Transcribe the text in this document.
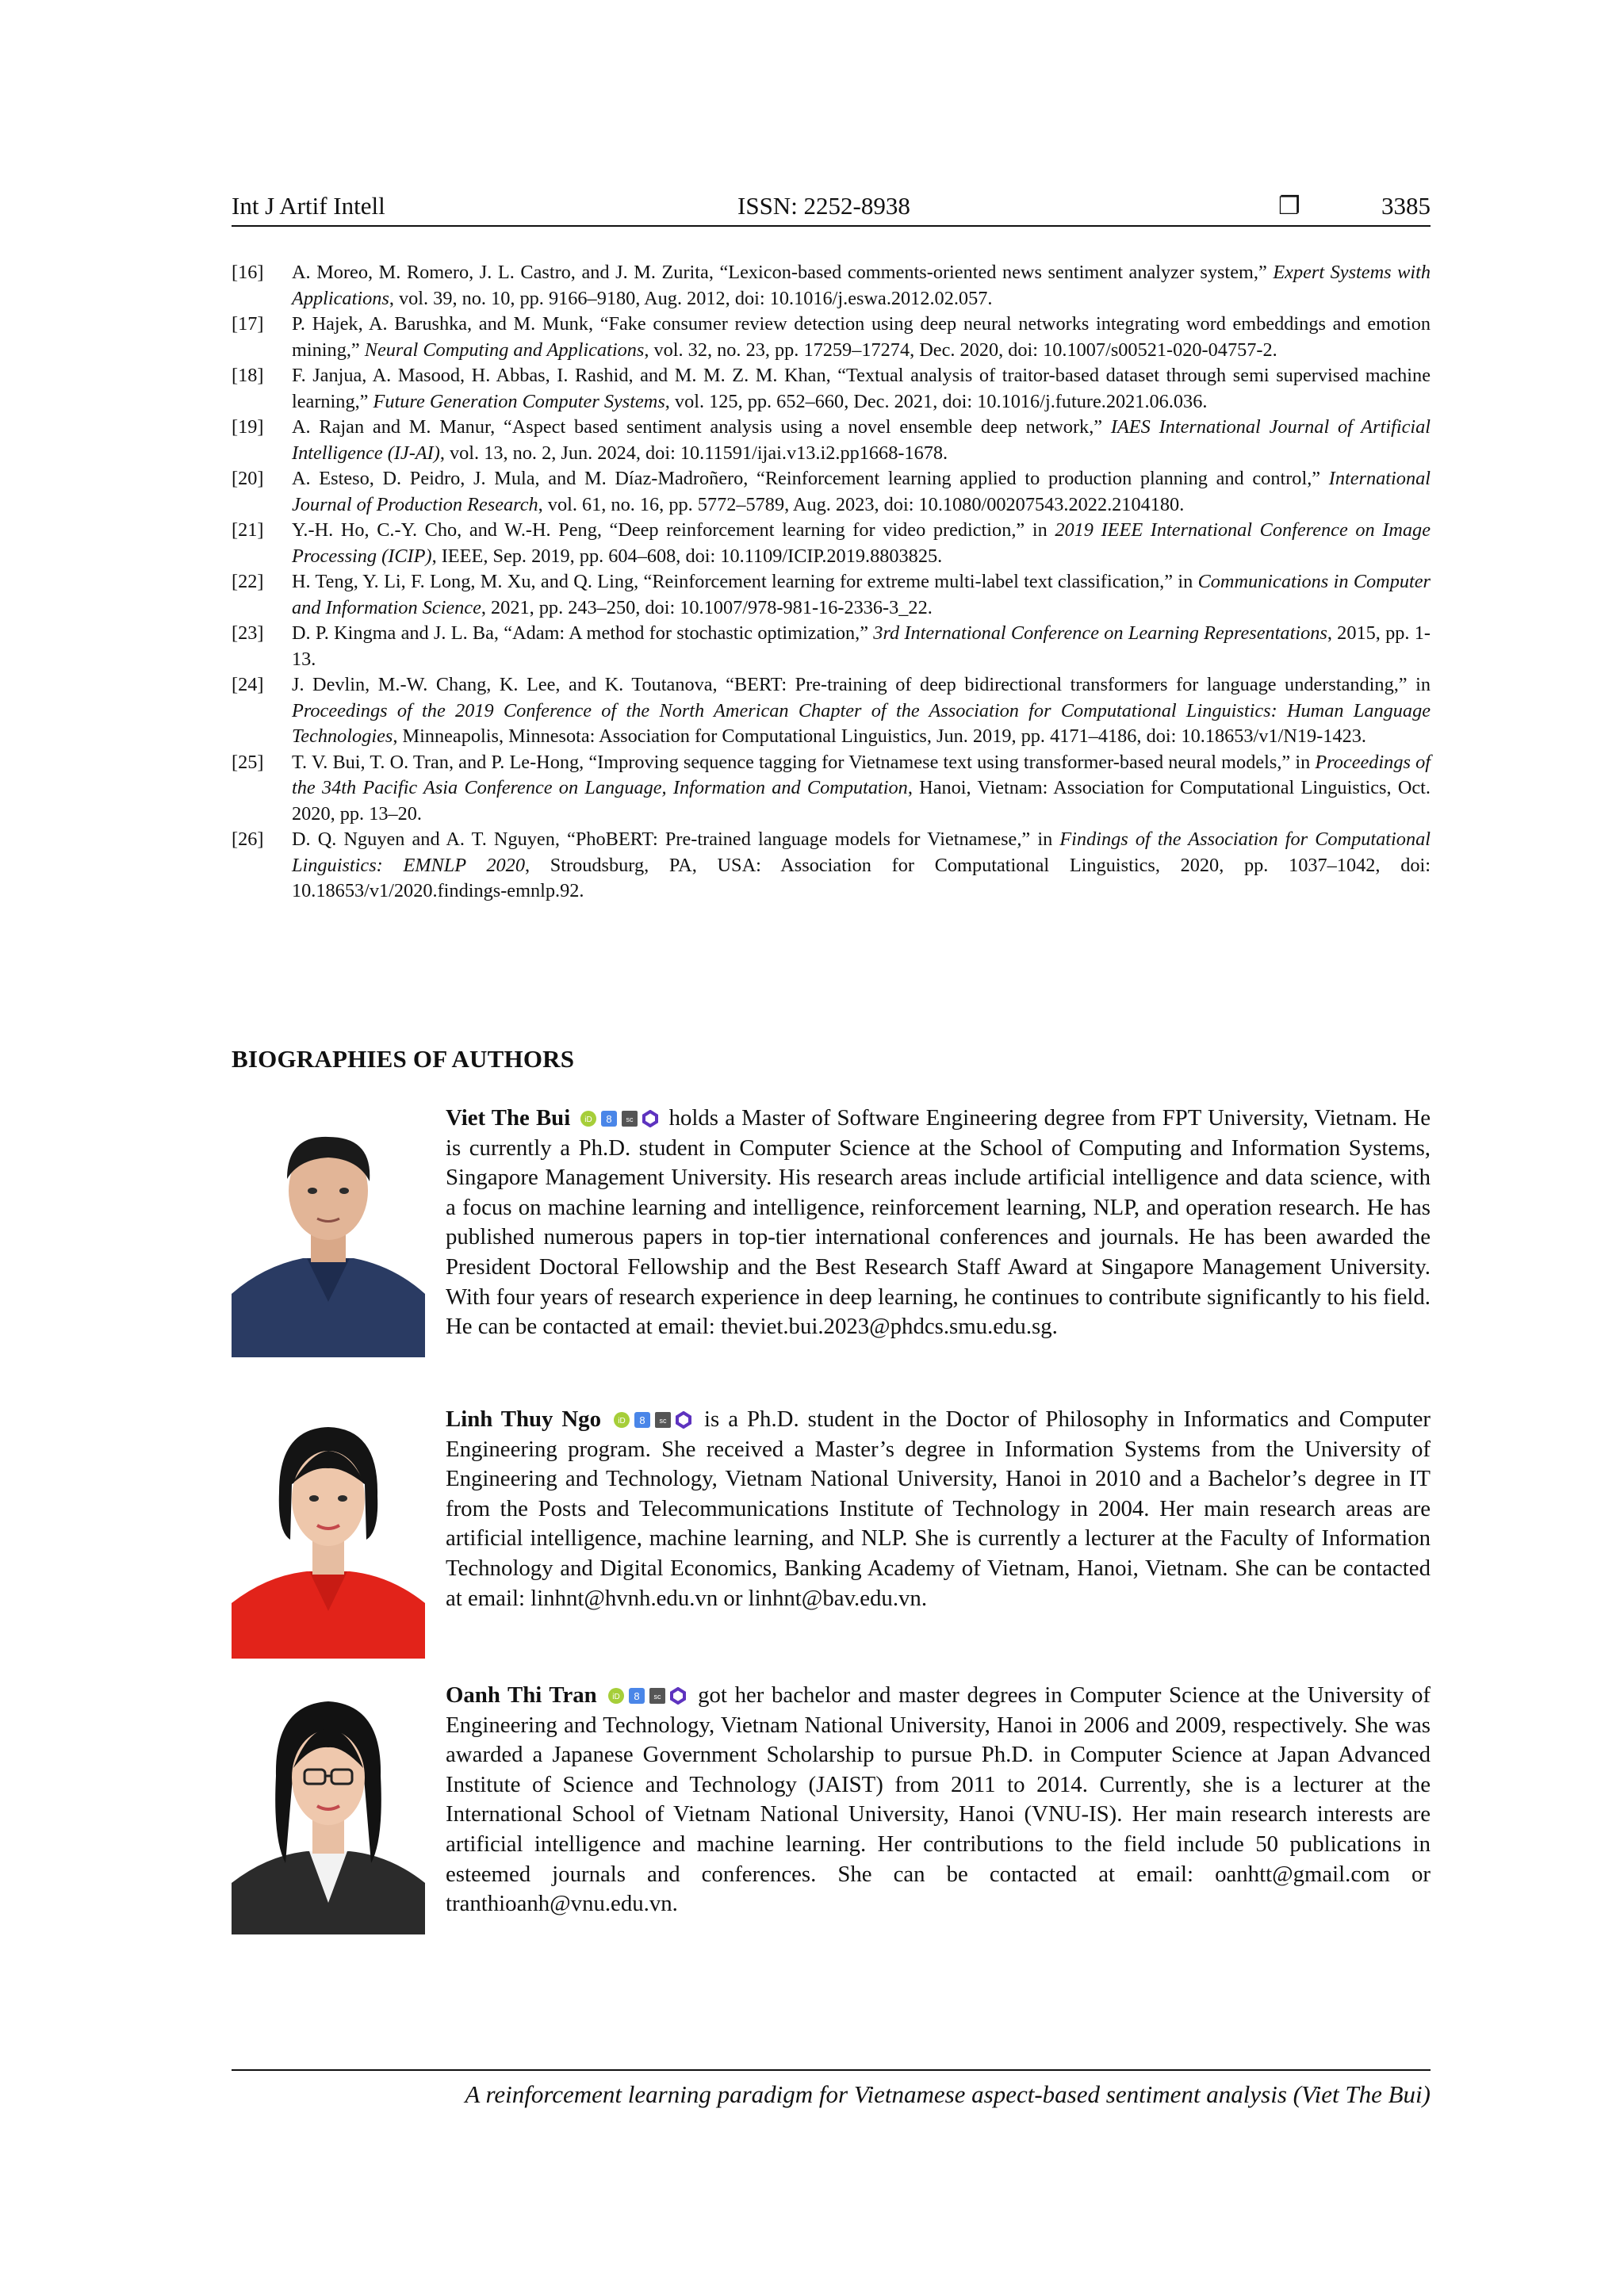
Int J Artif Intell	ISSN: 2252-8938	❐	3385
[16]	A. Moreo, M. Romero, J. L. Castro, and J. M. Zurita, “Lexicon-based comments-oriented news sentiment analyzer system,” Expert Systems with Applications, vol. 39, no. 10, pp. 9166–9180, Aug. 2012, doi: 10.1016/j.eswa.2012.02.057.
[17]	P. Hajek, A. Barushka, and M. Munk, “Fake consumer review detection using deep neural networks integrating word embeddings and emotion mining,” Neural Computing and Applications, vol. 32, no. 23, pp. 17259–17274, Dec. 2020, doi: 10.1007/s00521-020-04757-2.
[18]	F. Janjua, A. Masood, H. Abbas, I. Rashid, and M. M. Z. M. Khan, “Textual analysis of traitor-based dataset through semi supervised machine learning,” Future Generation Computer Systems, vol. 125, pp. 652–660, Dec. 2021, doi: 10.1016/j.future.2021.06.036.
[19]	A. Rajan and M. Manur, “Aspect based sentiment analysis using a novel ensemble deep network,” IAES International Journal of Artificial Intelligence (IJ-AI), vol. 13, no. 2, Jun. 2024, doi: 10.11591/ijai.v13.i2.pp1668-1678.
[20]	A. Esteso, D. Peidro, J. Mula, and M. Díaz-Madroñero, “Reinforcement learning applied to production planning and control,” International Journal of Production Research, vol. 61, no. 16, pp. 5772–5789, Aug. 2023, doi: 10.1080/00207543.2022.2104180.
[21]	Y.-H. Ho, C.-Y. Cho, and W.-H. Peng, “Deep reinforcement learning for video prediction,” in 2019 IEEE International Conference on Image Processing (ICIP), IEEE, Sep. 2019, pp. 604–608, doi: 10.1109/ICIP.2019.8803825.
[22]	H. Teng, Y. Li, F. Long, M. Xu, and Q. Ling, “Reinforcement learning for extreme multi-label text classification,” in Communications in Computer and Information Science, 2021, pp. 243–250, doi: 10.1007/978-981-16-2336-3_22.
[23]	D. P. Kingma and J. L. Ba, “Adam: A method for stochastic optimization,” 3rd International Conference on Learning Representations, 2015, pp. 1-13.
[24]	J. Devlin, M.-W. Chang, K. Lee, and K. Toutanova, “BERT: Pre-training of deep bidirectional transformers for language understanding,” in Proceedings of the 2019 Conference of the North American Chapter of the Association for Computational Linguistics: Human Language Technologies, Minneapolis, Minnesota: Association for Computational Linguistics, Jun. 2019, pp. 4171–4186, doi: 10.18653/v1/N19-1423.
[25]	T. V. Bui, T. O. Tran, and P. Le-Hong, “Improving sequence tagging for Vietnamese text using transformer-based neural models,” in Proceedings of the 34th Pacific Asia Conference on Language, Information and Computation, Hanoi, Vietnam: Association for Computational Linguistics, Oct. 2020, pp. 13–20.
[26]	D. Q. Nguyen and A. T. Nguyen, “PhoBERT: Pre-trained language models for Vietnamese,” in Findings of the Association for Computational Linguistics: EMNLP 2020, Stroudsburg, PA, USA: Association for Computational Linguistics, 2020, pp. 1037–1042, doi: 10.18653/v1/2020.findings-emnlp.92.
BIOGRAPHIES OF AUTHORS
Viet The Bui iD 8 sc holds a Master of Software Engineering degree from FPT University, Vietnam. He is currently a Ph.D. student in Computer Science at the School of Computing and Information Systems, Singapore Management University. His research areas include artificial intelligence and data science, with a focus on machine learning and intelligence, reinforcement learning, NLP, and operation research. He has published numerous papers in top-tier international conferences and journals. He has been awarded the President Doctoral Fellowship and the Best Research Staff Award at Singapore Management University. With four years of research experience in deep learning, he continues to contribute significantly to his field. He can be contacted at email: theviet.bui.2023@phdcs.smu.edu.sg.
Linh Thuy Ngo iD 8 sc is a Ph.D. student in the Doctor of Philosophy in Informatics and Computer Engineering program. She received a Master’s degree in Information Systems from the University of Engineering and Technology, Vietnam National University, Hanoi in 2010 and a Bachelor’s degree in IT from the Posts and Telecommunications Institute of Technology in 2004. Her main research areas are artificial intelligence, machine learning, and NLP. She is currently a lecturer at the Faculty of Information Technology and Digital Economics, Banking Academy of Vietnam, Hanoi, Vietnam. She can be contacted at email: linhnt@hvnh.edu.vn or linhnt@bav.edu.vn.
Oanh Thi Tran iD 8 sc got her bachelor and master degrees in Computer Science at the University of Engineering and Technology, Vietnam National University, Hanoi in 2006 and 2009, respectively. She was awarded a Japanese Government Scholarship to pursue Ph.D. in Computer Science at Japan Advanced Institute of Science and Technology (JAIST) from 2011 to 2014. Currently, she is a lecturer at the International School of Vietnam National University, Hanoi (VNU-IS). Her main research interests are artificial intelligence and machine learning. Her contributions to the field include 50 publications in esteemed journals and conferences. She can be contacted at email: oanhtt@gmail.com or tranthioanh@vnu.edu.vn.
A reinforcement learning paradigm for Vietnamese aspect-based sentiment analysis (Viet The Bui)
